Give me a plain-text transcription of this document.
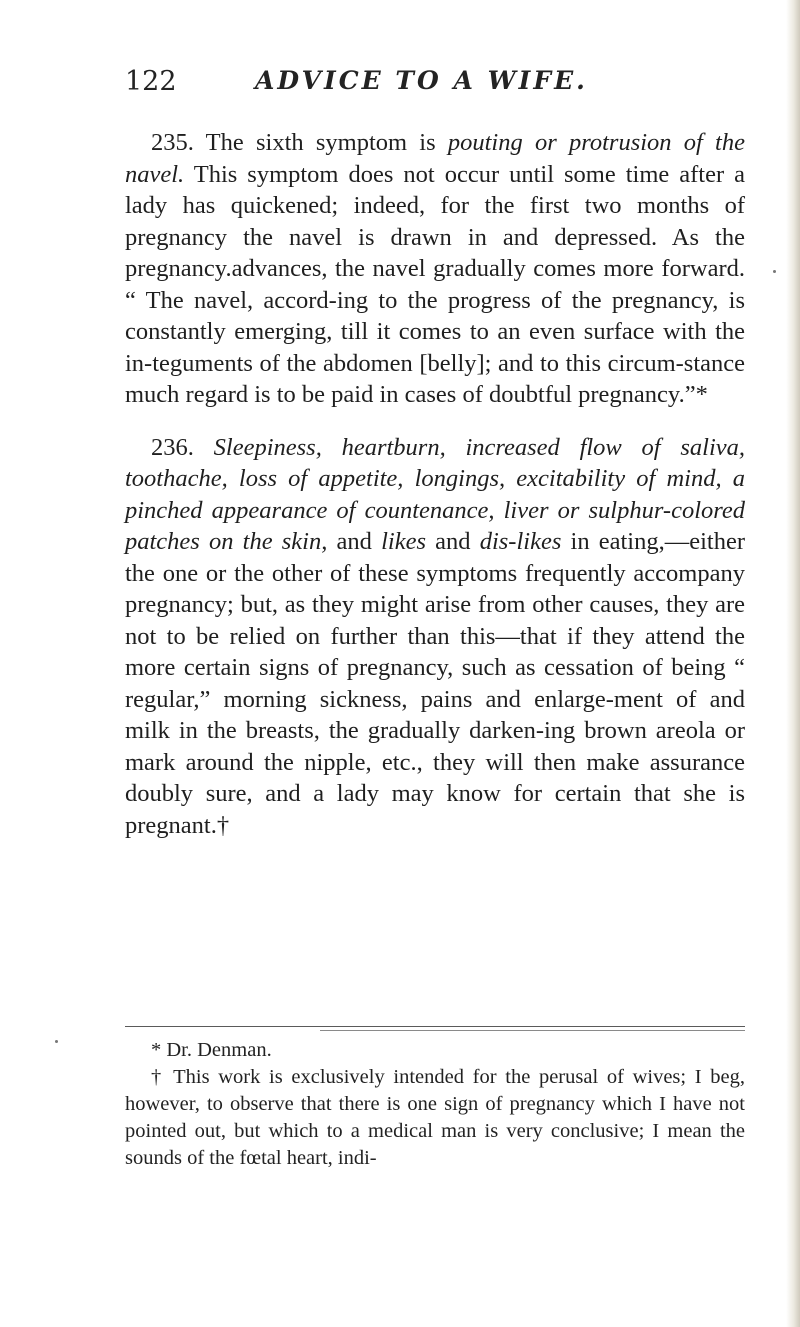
122	ADVICE TO A WIFE.

235. The sixth symptom is pouting or protrusion of the navel. This symptom does not occur until some time after a lady has quickened; indeed, for the first two months of pregnancy the navel is drawn in and depressed. As the pregnancy.advances, the navel gradually comes more forward. “ The navel, accord-ing to the progress of the pregnancy, is constantly emerging, till it comes to an even surface with the in-teguments of the abdomen [belly]; and to this circum-stance much regard is to be paid in cases of doubtful pregnancy.”*

236. Sleepiness, heartburn, increased flow of saliva, toothache, loss of appetite, longings, excitability of mind, a pinched appearance of countenance, liver or sulphur-colored patches on the skin, and likes and dis-likes in eating,—either the one or the other of these symptoms frequently accompany pregnancy; but, as they might arise from other causes, they are not to be relied on further than this—that if they attend the more certain signs of pregnancy, such as cessation of being “ regular,” morning sickness, pains and enlarge-ment of and milk in the breasts, the gradually darken-ing brown areola or mark around the nipple, etc., they will then make assurance doubly sure, and a lady may know for certain that she is pregnant.†

* Dr. Denman.

† This work is exclusively intended for the perusal of wives; I beg, however, to observe that there is one sign of pregnancy which I have not pointed out, but which to a medical man is very conclusive; I mean the sounds of the fœtal heart, indi-
